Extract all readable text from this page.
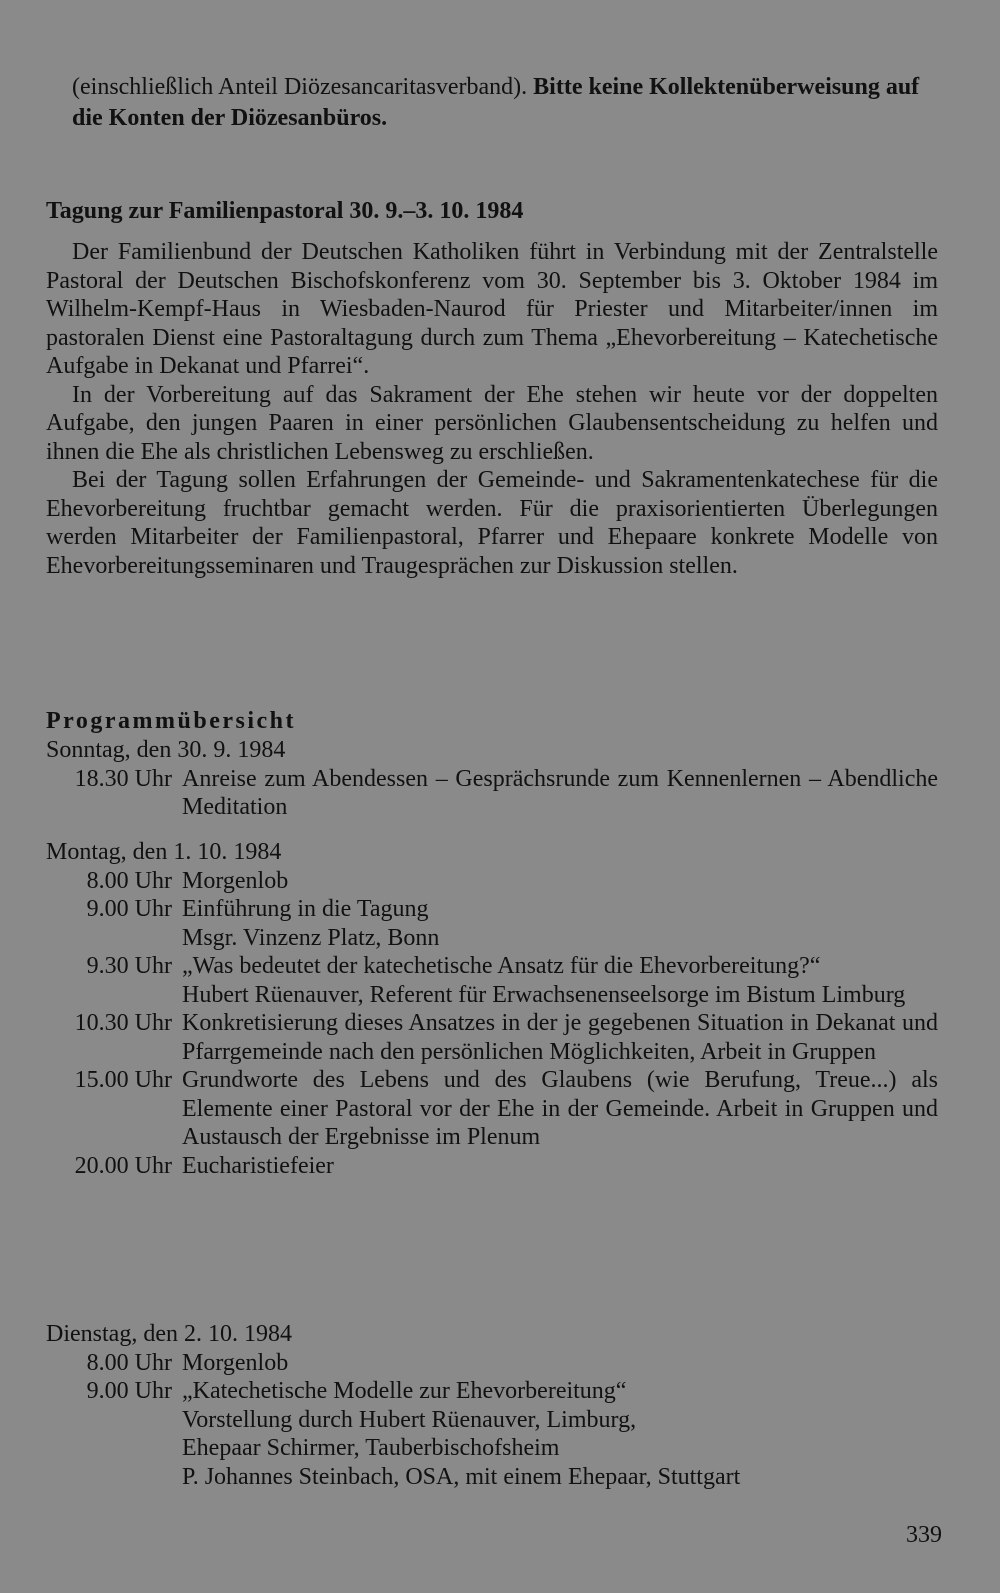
(einschließlich Anteil Diözesancaritasverband). Bitte keine Kollektenüberweisung auf die Konten der Diözesanbüros.

Tagung zur Familienpastoral 30. 9.–3. 10. 1984

Der Familienbund der Deutschen Katholiken führt in Verbindung mit der Zentralstelle Pastoral der Deutschen Bischofskonferenz vom 30. September bis 3. Oktober 1984 im Wilhelm-Kempf-Haus in Wiesbaden-Naurod für Priester und Mitarbeiter/innen im pastoralen Dienst eine Pastoraltagung durch zum Thema „Ehevorbereitung – Katechetische Aufgabe in Dekanat und Pfarrei“.

In der Vorbereitung auf das Sakrament der Ehe stehen wir heute vor der doppelten Aufgabe, den jungen Paaren in einer persönlichen Glaubensentscheidung zu helfen und ihnen die Ehe als christlichen Lebensweg zu erschließen.

Bei der Tagung sollen Erfahrungen der Gemeinde- und Sakramentenkatechese für die Ehevorbereitung fruchtbar gemacht werden. Für die praxisorientierten Überlegungen werden Mitarbeiter der Familienpastoral, Pfarrer und Ehepaare konkrete Modelle von Ehevorbereitungsseminaren und Traugesprächen zur Diskussion stellen.

Programmübersicht

Sonntag, den 30. 9. 1984

18.30 Uhr Anreise zum Abendessen – Gesprächsrunde zum Kennenlernen – Abendliche Meditation

Montag, den 1. 10. 1984

8.00 Uhr Morgenlob
9.00 Uhr Einführung in die Tagung
Msgr. Vinzenz Platz, Bonn
9.30 Uhr „Was bedeutet der katechetische Ansatz für die Ehevorbereitung?“
Hubert Rüenauver, Referent für Erwachsenenseelsorge im Bistum Limburg
10.30 Uhr Konkretisierung dieses Ansatzes in der je gegebenen Situation in Dekanat und Pfarrgemeinde nach den persönlichen Möglichkeiten, Arbeit in Gruppen
15.00 Uhr Grundworte des Lebens und des Glaubens (wie Berufung, Treue...) als Elemente einer Pastoral vor der Ehe in der Gemeinde. Arbeit in Gruppen und Austausch der Ergebnisse im Plenum
20.00 Uhr Eucharistiefeier

Dienstag, den 2. 10. 1984

8.00 Uhr Morgenlob
9.00 Uhr „Katechetische Modelle zur Ehevorbereitung“
Vorstellung durch Hubert Rüenauver, Limburg,
Ehepaar Schirmer, Tauberbischofsheim
P. Johannes Steinbach, OSA, mit einem Ehepaar, Stuttgart

339
